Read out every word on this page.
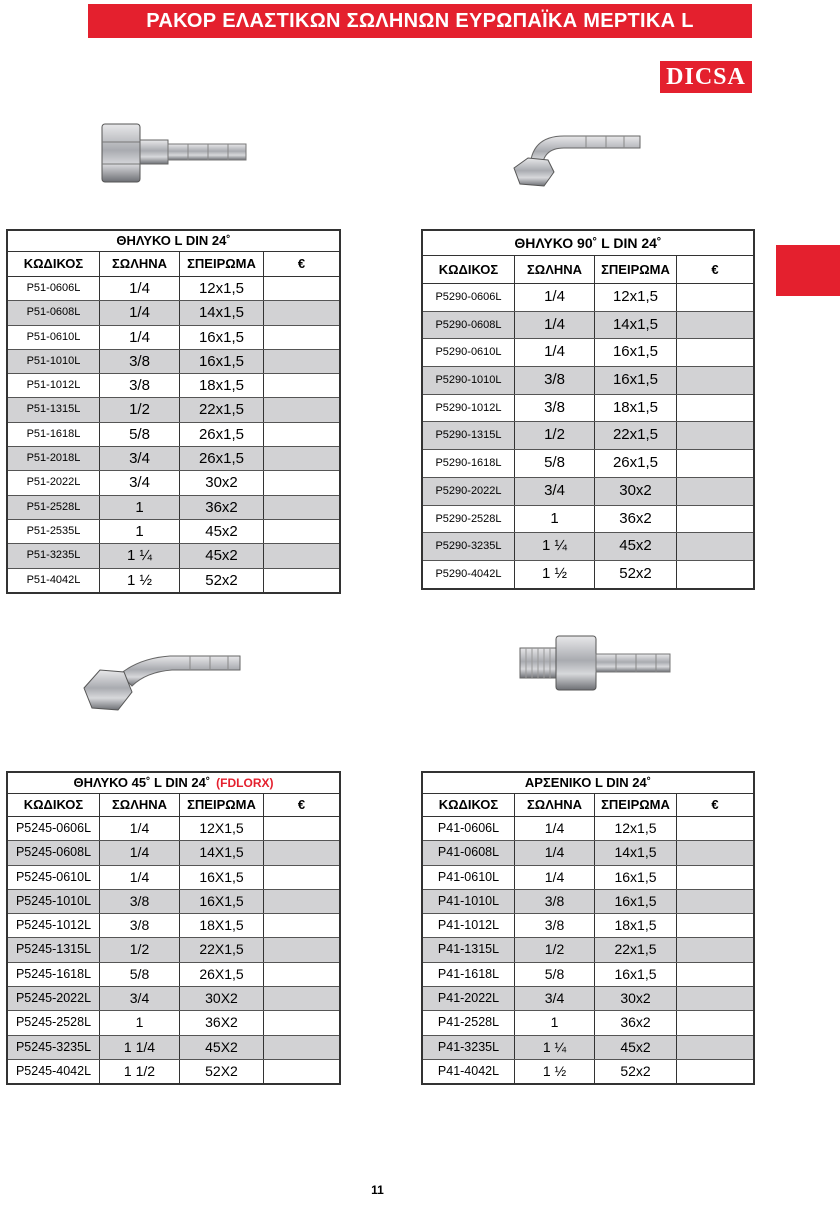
ΡΑΚΟΡ ΕΛΑΣΤΙΚΩΝ ΣΩΛΗΝΩΝ ΕΥΡΩΠΑΪΚΑ ΜΕΡΤΙΚΑ L
DICSA
ΘΗΛΥΚΟ L DIN 24˚
ΚΩΔΙΚΟΣ	ΣΩΛΗΝΑ	ΣΠΕΙΡΩΜΑ	€
P51-0606L	1/4	12x1,5
P51-0608L	1/4	14x1,5
P51-0610L	1/4	16x1,5
P51-1010L	3/8	16x1,5
P51-1012L	3/8	18x1,5
P51-1315L	1/2	22x1,5
P51-1618L	5/8	26x1,5
P51-2018L	3/4	26x1,5
P51-2022L	3/4	30x2
P51-2528L	1	36x2
P51-2535L	1	45x2
P51-3235L	1 ¼	45x2
P51-4042L	1 ½	52x2
ΘΗΛΥΚΟ 90˚ L DIN 24˚
ΚΩΔΙΚΟΣ	ΣΩΛΗΝΑ	ΣΠΕΙΡΩΜΑ	€
P5290-0606L	1/4	12x1,5
P5290-0608L	1/4	14x1,5
P5290-0610L	1/4	16x1,5
P5290-1010L	3/8	16x1,5
P5290-1012L	3/8	18x1,5
P5290-1315L	1/2	22x1,5
P5290-1618L	5/8	26x1,5
P5290-2022L	3/4	30x2
P5290-2528L	1	36x2
P5290-3235L	1 ¼	45x2
P5290-4042L	1 ½	52x2
ΘΗΛΥΚΟ 45˚ L DIN 24˚ (FDLORX)
ΚΩΔΙΚΟΣ	ΣΩΛΗΝΑ	ΣΠΕΙΡΩΜΑ	€
P5245-0606L	1/4	12X1,5
P5245-0608L	1/4	14X1,5
P5245-0610L	1/4	16X1,5
P5245-1010L	3/8	16X1,5
P5245-1012L	3/8	18X1,5
P5245-1315L	1/2	22X1,5
P5245-1618L	5/8	26X1,5
P5245-2022L	3/4	30X2
P5245-2528L	1	36X2
P5245-3235L	1 1/4	45X2
P5245-4042L	1 1/2	52X2
ΑΡΣΕΝΙΚΟ L DIN 24˚
ΚΩΔΙΚΟΣ	ΣΩΛΗΝΑ	ΣΠΕΙΡΩΜΑ	€
P41-0606L	1/4	12x1,5
P41-0608L	1/4	14x1,5
P41-0610L	1/4	16x1,5
P41-1010L	3/8	16x1,5
P41-1012L	3/8	18x1,5
P41-1315L	1/2	22x1,5
P41-1618L	5/8	16x1,5
P41-2022L	3/4	30x2
P41-2528L	1	36x2
P41-3235L	1 ¼	45x2
P41-4042L	1 ½	52x2
11
